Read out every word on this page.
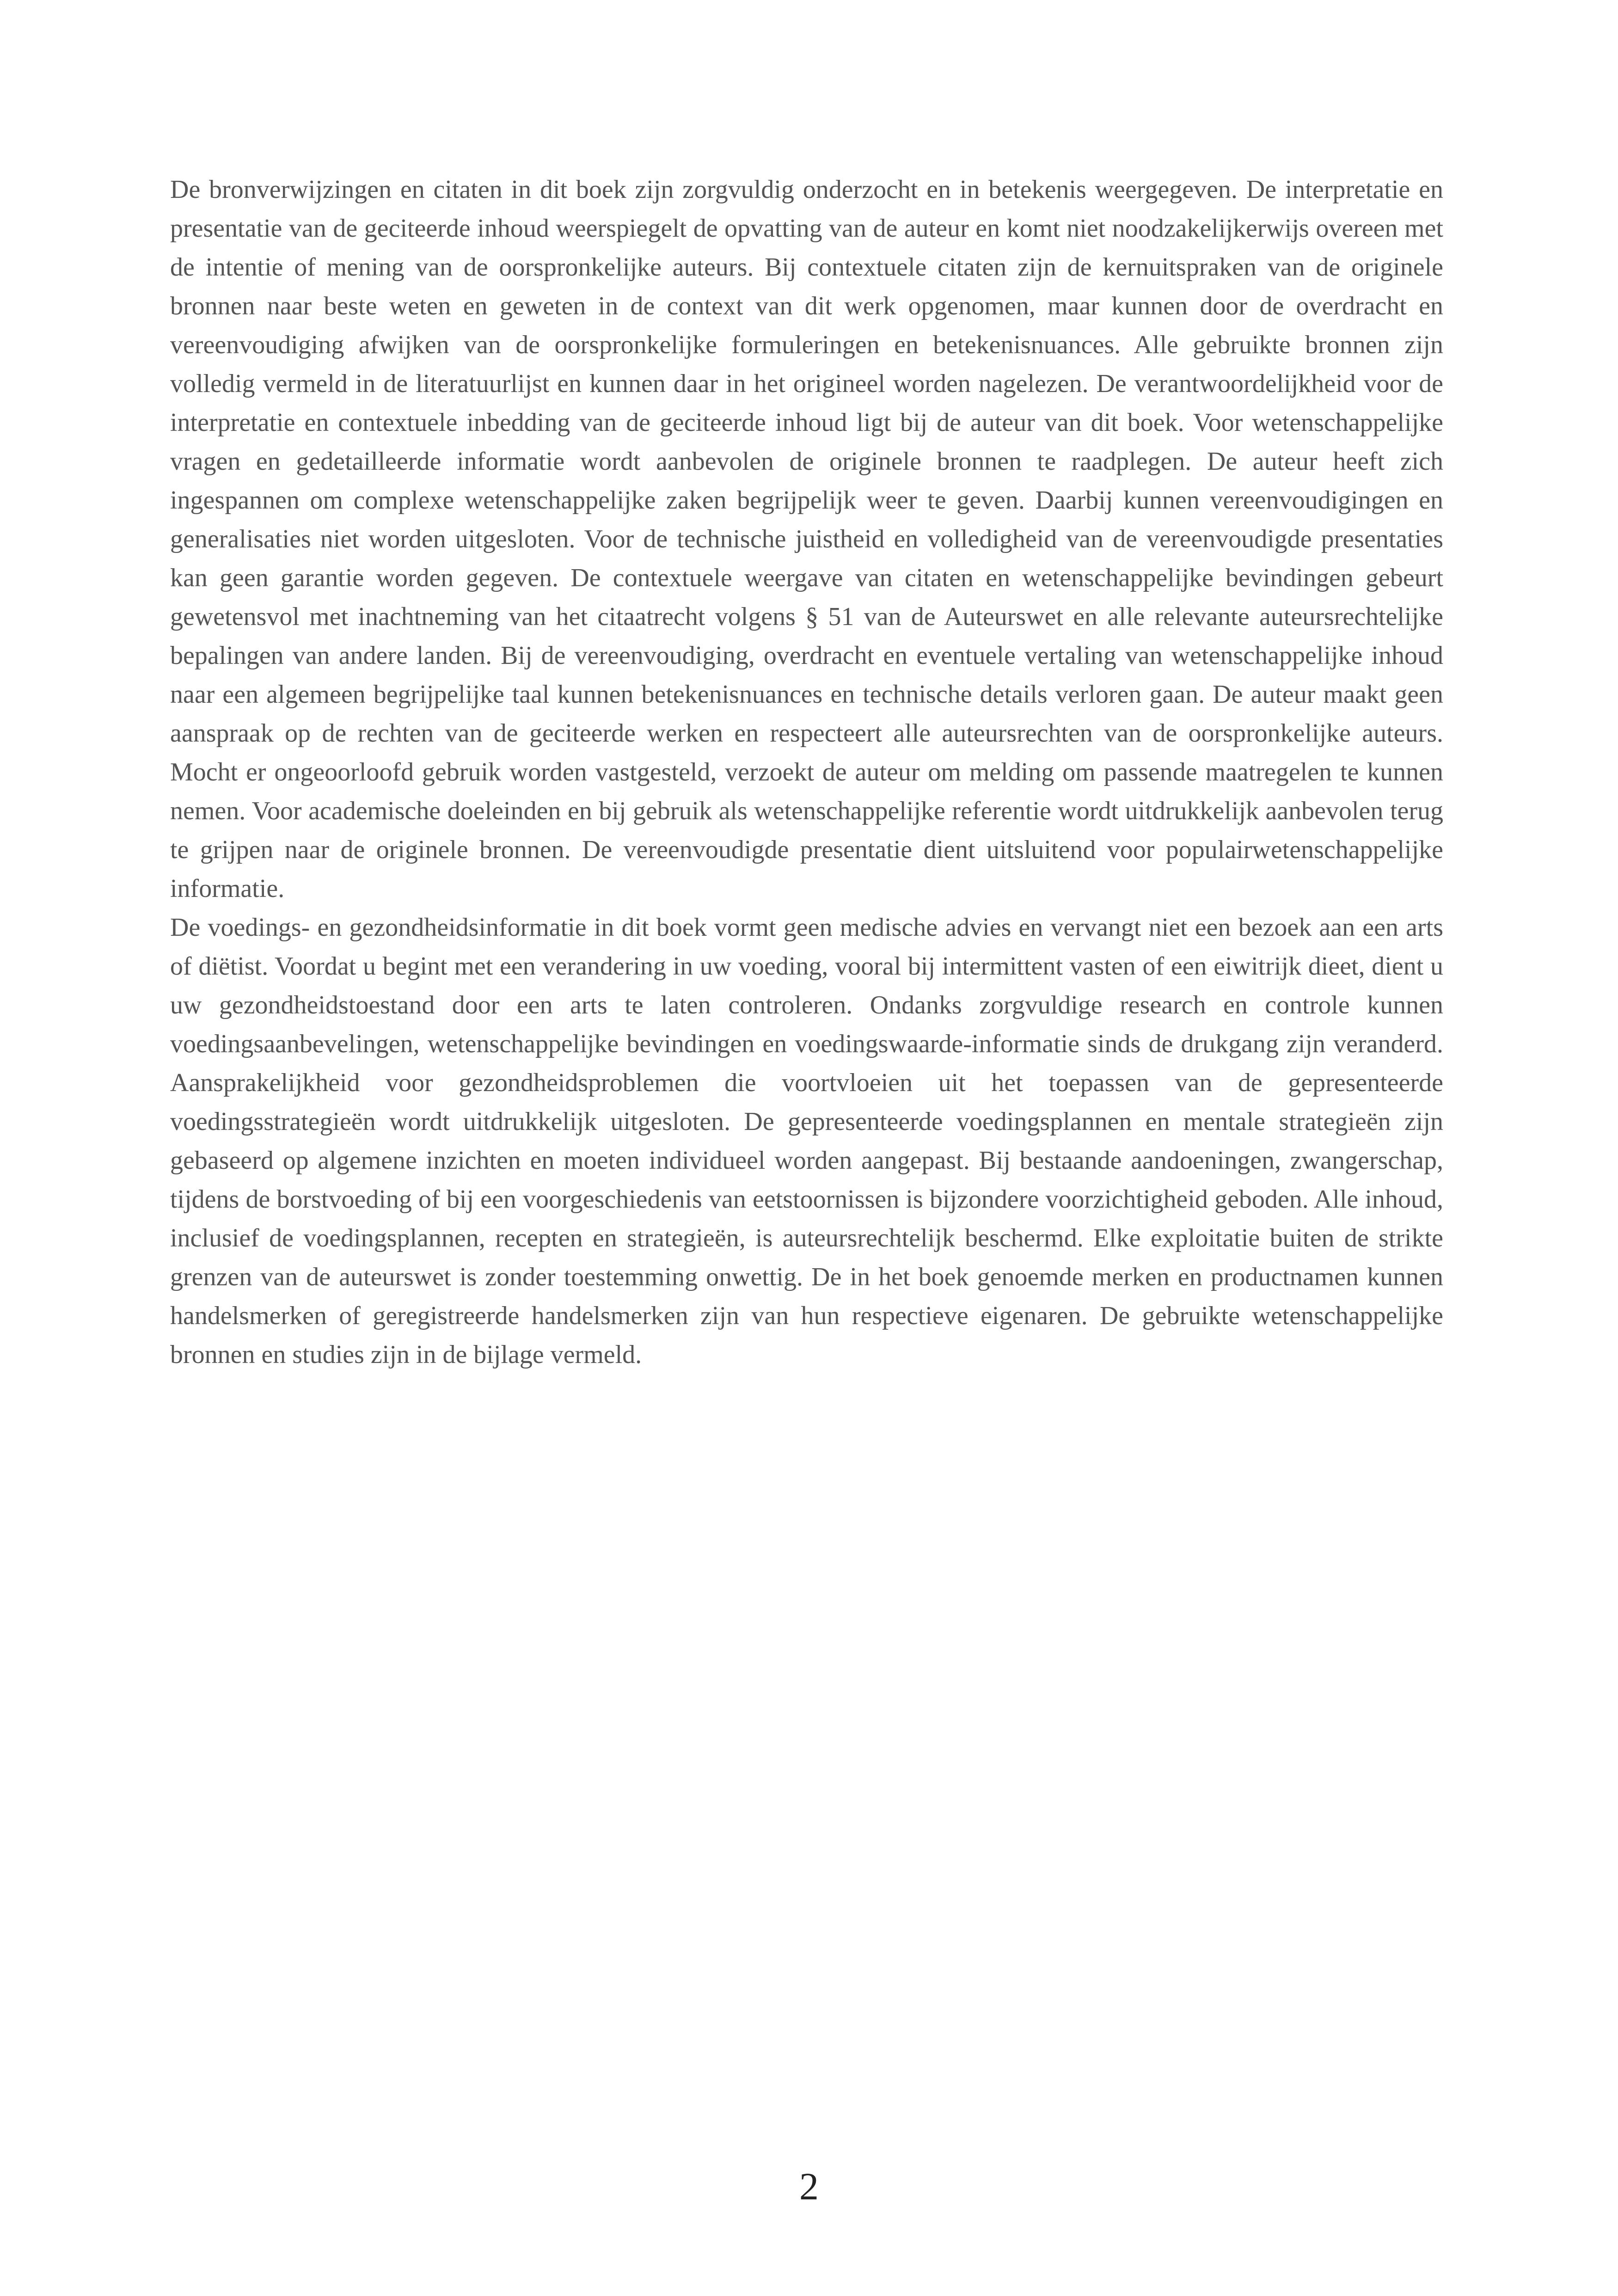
De bronverwijzingen en citaten in dit boek zijn zorgvuldig onderzocht en in betekenis weergegeven. De interpretatie en presentatie van de geciteerde inhoud weerspiegelt de opvatting van de auteur en komt niet noodzakelijkerwijs overeen met de intentie of mening van de oorspronkelijke auteurs. Bij contextuele citaten zijn de kernuitspraken van de originele bronnen naar beste weten en geweten in de context van dit werk opgenomen, maar kunnen door de overdracht en vereenvoudiging afwijken van de oorspronkelijke formuleringen en betekenisnuances. Alle gebruikte bronnen zijn volledig vermeld in de literatuurlijst en kunnen daar in het origineel worden nagelezen. De verantwoordelijkheid voor de interpretatie en contextuele inbedding van de geciteerde inhoud ligt bij de auteur van dit boek. Voor wetenschappelijke vragen en gedetailleerde informatie wordt aanbevolen de originele bronnen te raadplegen. De auteur heeft zich ingespannen om complexe wetenschappelijke zaken begrijpelijk weer te geven. Daarbij kunnen vereenvoudigingen en generalisaties niet worden uitgesloten. Voor de technische juistheid en volledigheid van de vereenvoudigde presentaties kan geen garantie worden gegeven. De contextuele weergave van citaten en wetenschappelijke bevindingen gebeurt gewetensvol met inachtneming van het citaatrecht volgens § 51 van de Auteurswet en alle relevante auteursrechtelijke bepalingen van andere landen. Bij de vereenvoudiging, overdracht en eventuele vertaling van wetenschappelijke inhoud naar een algemeen begrijpelijke taal kunnen betekenisnuances en technische details verloren gaan. De auteur maakt geen aanspraak op de rechten van de geciteerde werken en respecteert alle auteursrechten van de oorspronkelijke auteurs. Mocht er ongeoorloofd gebruik worden vastgesteld, verzoekt de auteur om melding om passende maatregelen te kunnen nemen. Voor academische doeleinden en bij gebruik als wetenschappelijke referentie wordt uitdrukkelijk aanbevolen terug te grijpen naar de originele bronnen. De vereenvoudigde presentatie dient uitsluitend voor populairwetenschappelijke informatie.

De voedings- en gezondheidsinformatie in dit boek vormt geen medische advies en vervangt niet een bezoek aan een arts of diëtist. Voordat u begint met een verandering in uw voeding, vooral bij intermittent vasten of een eiwitrijk dieet, dient u uw gezondheidstoestand door een arts te laten controleren. Ondanks zorgvuldige research en controle kunnen voedingsaanbevelingen, wetenschappelijke bevindingen en voedingswaarde-informatie sinds de drukgang zijn veranderd. Aansprakelijkheid voor gezondheidsproblemen die voortvloeien uit het toepassen van de gepresenteerde voedingsstrategieën wordt uitdrukkelijk uitgesloten. De gepresenteerde voedingsplannen en mentale strategieën zijn gebaseerd op algemene inzichten en moeten individueel worden aangepast. Bij bestaande aandoeningen, zwangerschap, tijdens de borstvoeding of bij een voorgeschiedenis van eetstoornissen is bijzondere voorzichtigheid geboden. Alle inhoud, inclusief de voedingsplannen, recepten en strategieën, is auteursrechtelijk beschermd. Elke exploitatie buiten de strikte grenzen van de auteurswet is zonder toestemming onwettig. De in het boek genoemde merken en productnamen kunnen handelsmerken of geregistreerde handelsmerken zijn van hun respectieve eigenaren. De gebruikte wetenschappelijke bronnen en studies zijn in de bijlage vermeld.

2
